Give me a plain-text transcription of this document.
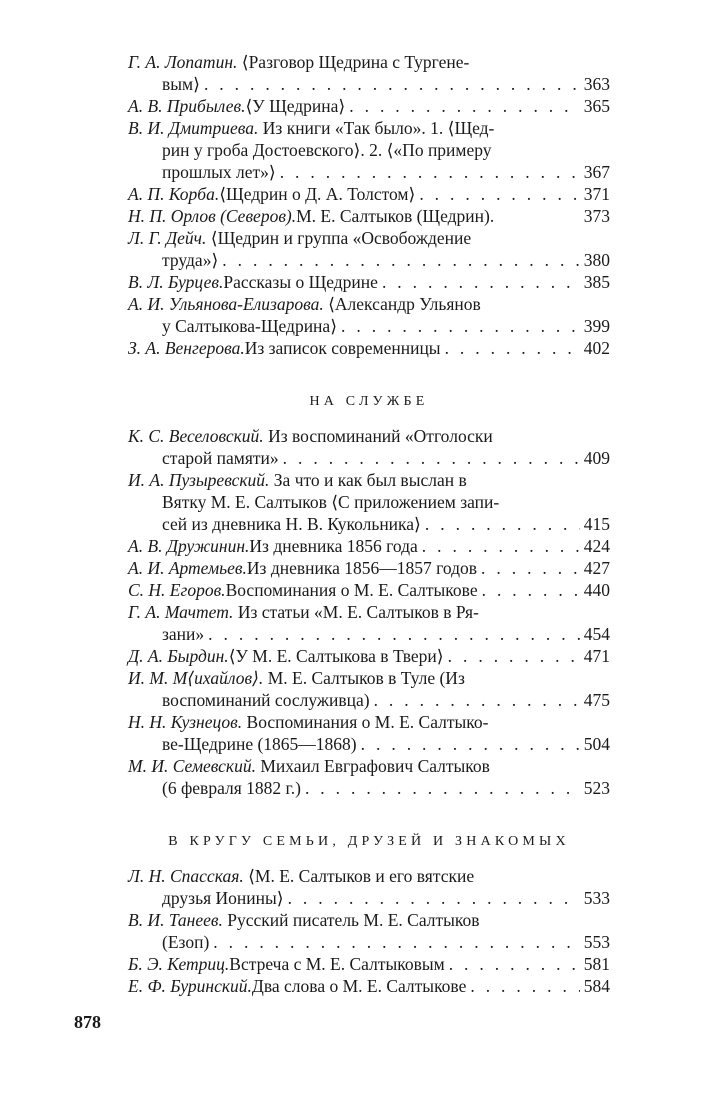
Г. А. Лопатин. ⟨Разговор Щедрина с Тургене-
вым⟩ . . .	363
А. В. Прибылев. ⟨У Щедрина⟩ . . .	365
В. И. Дмитриева. Из книги «Так было». 1. ⟨Щед-
рин у гроба Достоевского⟩. 2. ⟨«По примеру
прошлых лет»⟩ . . .	367
А. П. Корба. ⟨Щедрин о Д. А. Толстом⟩ . . .	371
Н. П. Орлов (Северов). М. Е. Салтыков (Щедрин).	373
Л. Г. Дейч. ⟨Щедрин и группа «Освобождение
труда»⟩ . . .	380
В. Л. Бурцев. Рассказы о Щедрине . . .	385
А. И. Ульянова-Елизарова. ⟨Александр Ульянов
у Салтыкова-Щедрина⟩ . . .	399
З. А. Венгерова. Из записок современницы . . .	402
НА СЛУЖБЕ
К. С. Веселовский. Из воспоминаний «Отголоски
старой памяти» . . .	409
И. А. Пузыревский. За что и как был выслан в
Вятку М. Е. Салтыков ⟨С приложением запи-
сей из дневника Н. В. Кукольника⟩ . . .	415
А. В. Дружинин. Из дневника 1856 года . . .	424
А. И. Артемьев. Из дневника 1856—1857 годов . . .	427
С. Н. Егоров. Воспоминания о М. Е. Салтыкове . . .	440
Г. А. Мачтет. Из статьи «М. Е. Салтыков в Ря-
зани» . . .	454
Д. А. Бырдин. ⟨У М. Е. Салтыкова в Твери⟩ . . .	471
И. М. М⟨ихайлов⟩. М. Е. Салтыков в Туле (Из
воспоминаний сослуживца) . . .	475
Н. Н. Кузнецов. Воспоминания о М. Е. Салтыко-
ве-Щедрине (1865—1868) . . .	504
М. И. Семевский. Михаил Евграфович Салтыков
(6 февраля 1882 г.) . . .	523
В КРУГУ СЕМЬИ, ДРУЗЕЙ И ЗНАКОМЫХ
Л. Н. Спасская. ⟨М. Е. Салтыков и его вятские
друзья Ионины⟩ . . .	533
В. И. Танеев. Русский писатель М. Е. Салтыков
(Езоп) . . .	553
Б. Э. Кетриц. Встреча с М. Е. Салтыковым . . .	581
Е. Ф. Буринский. Два слова о М. Е. Салтыкове . . .	584
878
